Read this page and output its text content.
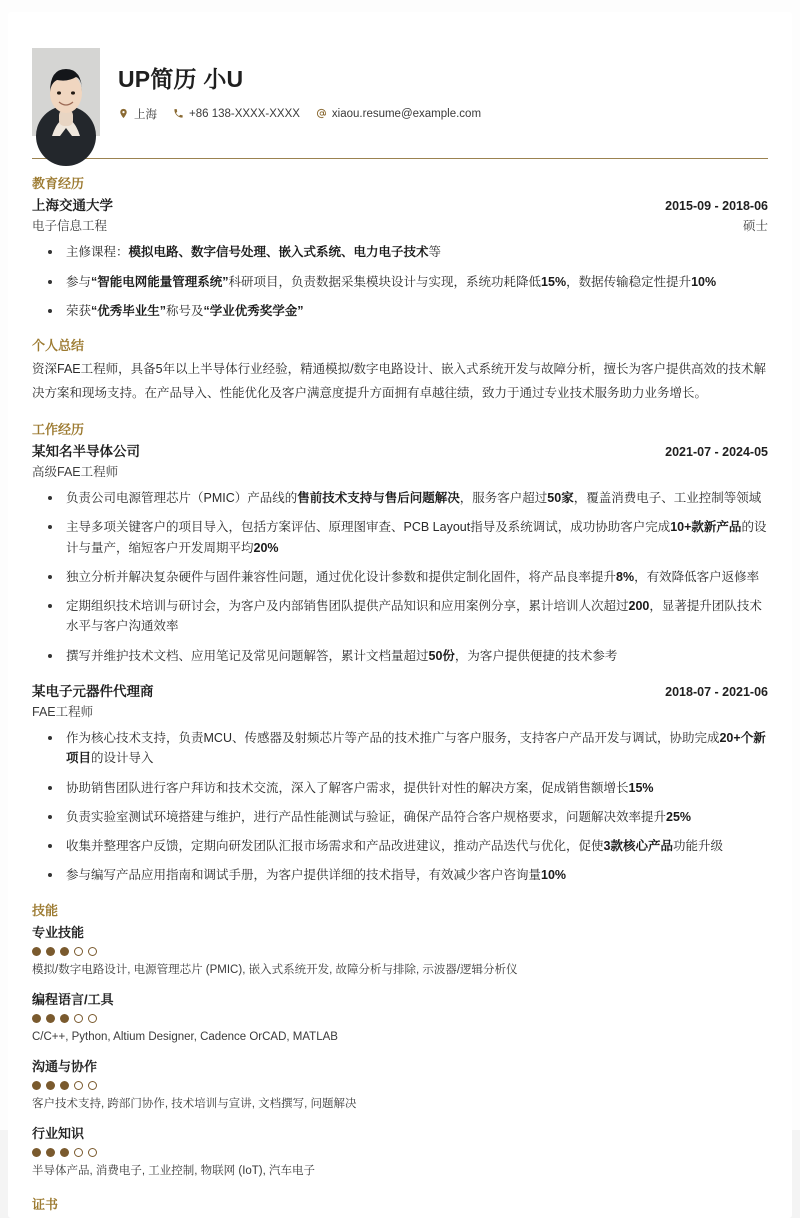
UP简历 小U
上海	+86 138-XXXX-XXXX	xiaou.resume@example.com
教育经历
上海交通大学	2015-09 - 2018-06
电子信息工程	硕士
主修课程：模拟电路、数字信号处理、嵌入式系统、电力电子技术等
参与“智能电网能量管理系统”科研项目，负责数据采集模块设计与实现，系统功耗降低15%，数据传输稳定性提升10%
荣获“优秀毕业生”称号及“学业优秀奖学金”
个人总结
资深FAE工程师，具备5年以上半导体行业经验，精通模拟/数字电路设计、嵌入式系统开发与故障分析，擅长为客户提供高效的技术解决方案和现场支持。在产品导入、性能优化及客户满意度提升方面拥有卓越往绩，致力于通过专业技术服务助力业务增长。
工作经历
某知名半导体公司	2021-07 - 2024-05
高级FAE工程师
负责公司电源管理芯片（PMIC）产品线的售前技术支持与售后问题解决，服务客户超过50家，覆盖消费电子、工业控制等领域
主导多项关键客户的项目导入，包括方案评估、原理图审查、PCB Layout指导及系统调试，成功协助客户完成10+款新产品的设计与量产，缩短客户开发周期平均20%
独立分析并解决复杂硬件与固件兼容性问题，通过优化设计参数和提供定制化固件，将产品良率提升8%，有效降低客户返修率
定期组织技术培训与研讨会，为客户及内部销售团队提供产品知识和应用案例分享，累计培训人次超过200，显著提升团队技术水平与客户沟通效率
撰写并维护技术文档、应用笔记及常见问题解答，累计文档量超过50份，为客户提供便捷的技术参考
某电子元器件代理商	2018-07 - 2021-06
FAE工程师
作为核心技术支持，负责MCU、传感器及射频芯片等产品的技术推广与客户服务，支持客户产品开发与调试，协助完成20+个新项目的设计导入
协助销售团队进行客户拜访和技术交流，深入了解客户需求，提供针对性的解决方案，促成销售额增长15%
负责实验室测试环境搭建与维护，进行产品性能测试与验证，确保产品符合客户规格要求，问题解决效率提升25%
收集并整理客户反馈，定期向研发团队汇报市场需求和产品改进建议，推动产品迭代与优化，促使3款核心产品功能升级
参与编写产品应用指南和调试手册，为客户提供详细的技术指导，有效减少客户咨询量10%
技能
专业技能
模拟/数字电路设计, 电源管理芯片 (PMIC), 嵌入式系统开发, 故障分析与排除, 示波器/逻辑分析仪
编程语言/工具
C/C++, Python, Altium Designer, Cadence OrCAD, MATLAB
沟通与协作
客户技术支持, 跨部门协作, 技术培训与宣讲, 文档撰写, 问题解决
行业知识
半导体产品, 消费电子, 工业控制, 物联网 (IoT), 汽车电子
证书
